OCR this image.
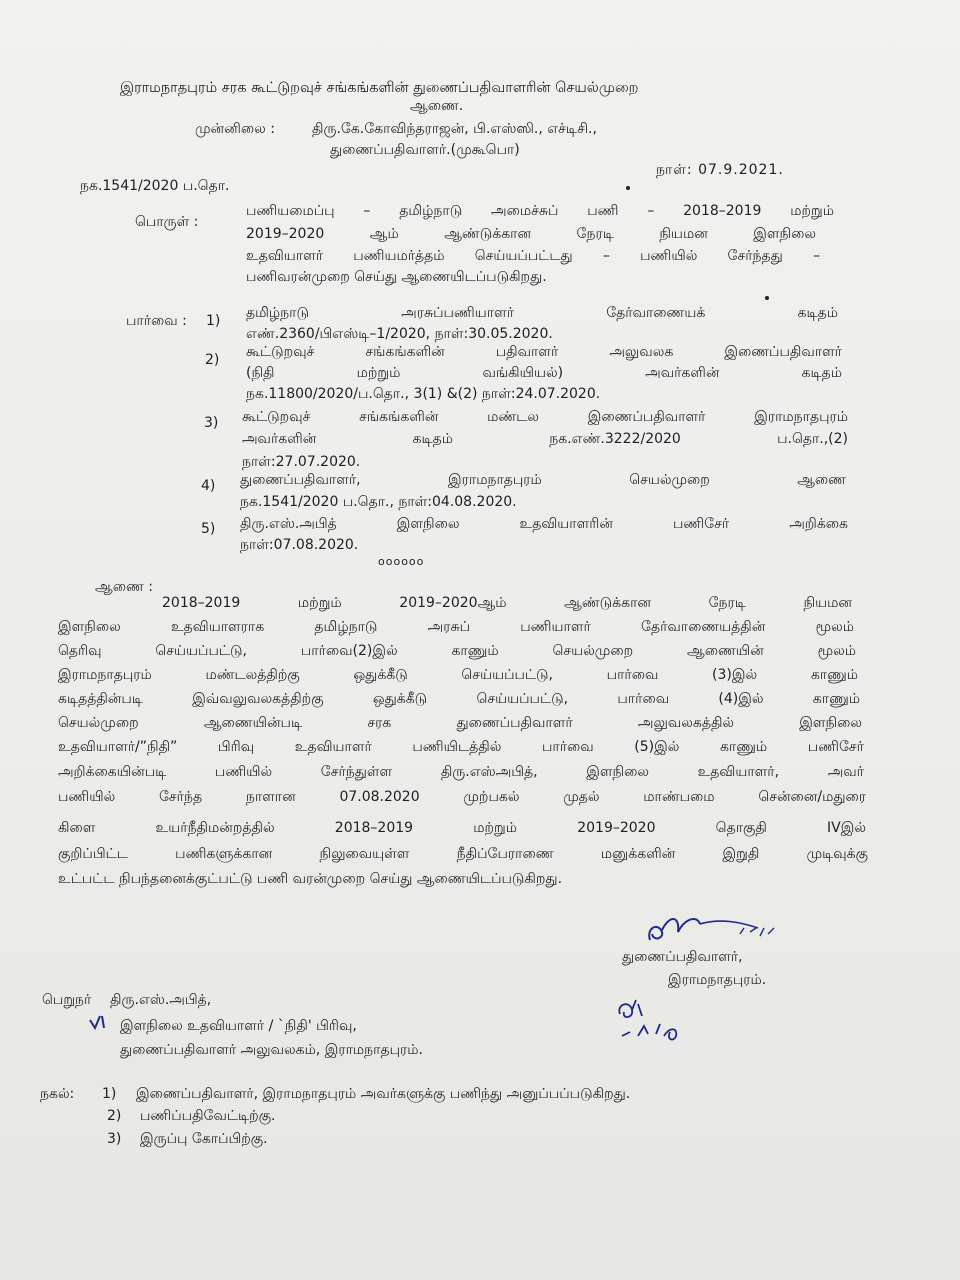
இராமநாதபுரம் சரக கூட்டுறவுச் சங்கங்களின் துணைப்பதிவாளரின் செயல்முறை
ஆணை.
முன்னிலை :	திரு.கே.கோவிந்தராஜன், பி.எஸ்ஸி., எச்டிசி.,
துணைப்பதிவாளர்.(முகூபொ)
நாள்: 07.9.2021.
நக.1541/2020 ப.தொ.
பொருள் :
பணியமைப்பு – தமிழ்நாடு அமைச்சுப் பணி – 2018–2019 மற்றும்
2019–2020 ஆம் ஆண்டுக்கான நேரடி நியமன இளநிலை
உதவியாளர் பணியமர்த்தம் செய்யப்பட்டது – பணியில் சேர்ந்தது –
பணிவரன்முறை செய்து ஆணையிடப்படுகிறது.
பார்வை : 1) தமிழ்நாடு அரசுப்பணியாளர் தேர்வாணையக் கடிதம்
எண்.2360/பிஎஸ்டி–1/2020, நாள்:30.05.2020.
2) கூட்டுறவுச் சங்கங்களின் பதிவாளர் அலுவலக இணைப்பதிவாளர்
(நிதி மற்றும் வங்கியியல்) அவர்களின் கடிதம்
நக.11800/2020/ப.தொ., 3(1) &(2) நாள்:24.07.2020.
3) கூட்டுறவுச் சங்கங்களின் மண்டல இணைப்பதிவாளர் இராமநாதபுரம்
அவர்களின் கடிதம் நக.எண்.3222/2020 ப.தொ.,(2)
நாள்:27.07.2020.
4) துணைப்பதிவாளர், இராமநாதபுரம் செயல்முறை ஆணை
நக.1541/2020 ப.தொ., நாள்:04.08.2020.
5) திரு.எஸ்.அபித் இளநிலை உதவியாளரின் பணிசேர் அறிக்கை
நாள்:07.08.2020.
oooooo
ஆணை :
2018–2019 மற்றும் 2019–2020ஆம் ஆண்டுக்கான நேரடி நியமன
இளநிலை உதவியாளராக தமிழ்நாடு அரசுப் பணியாளர் தேர்வாணையத்தின் மூலம்
தெரிவு செய்யப்பட்டு, பார்வை(2)இல் காணும் செயல்முறை ஆணையின் மூலம்
இராமநாதபுரம் மண்டலத்திற்கு ஒதுக்கீடு செய்யப்பட்டு, பார்வை (3)இல் காணும்
கடிதத்தின்படி இவ்வலுவலகத்திற்கு ஒதுக்கீடு செய்யப்பட்டு, பார்வை (4)இல் காணும்
செயல்முறை ஆணையின்படி சரக துணைப்பதிவாளர் அலுவலகத்தில் இளநிலை
உதவியாளர்/”நிதி” பிரிவு உதவியாளர் பணியிடத்தில் பார்வை (5)இல் காணும் பணிசேர்
அறிக்கையின்படி பணியில் சேர்ந்துள்ள திரு.எஸ்அபித், இளநிலை உதவியாளர், அவர்
பணியில் சேர்ந்த நாளான 07.08.2020 முற்பகல் முதல் மாண்பமை சென்னை/மதுரை
கிளை உயர்நீதிமன்றத்தில் 2018–2019 மற்றும் 2019–2020 தொகுதி IVஇல்
குறிப்பிட்ட பணிகளுக்கான நிலுவையுள்ள நீதிப்பேராணை மனுக்களின் இறுதி முடிவுக்கு
உட்பட்ட நிபந்தனைக்குட்பட்டு பணி வரன்முறை செய்து ஆணையிடப்படுகிறது.
துணைப்பதிவாளர்,
இராமநாதபுரம்.
பெறுநர் திரு.எஸ்.அபித்,
இளநிலை உதவியாளர் / `நிதி' பிரிவு,
துணைப்பதிவாளர் அலுவலகம், இராமநாதபுரம்.
நகல்: 1) இணைப்பதிவாளர், இராமநாதபுரம் அவர்களுக்கு பணிந்து அனுப்பப்படுகிறது.
2) பணிப்பதிவேட்டிற்கு.
3) இருப்பு கோப்பிற்கு.
